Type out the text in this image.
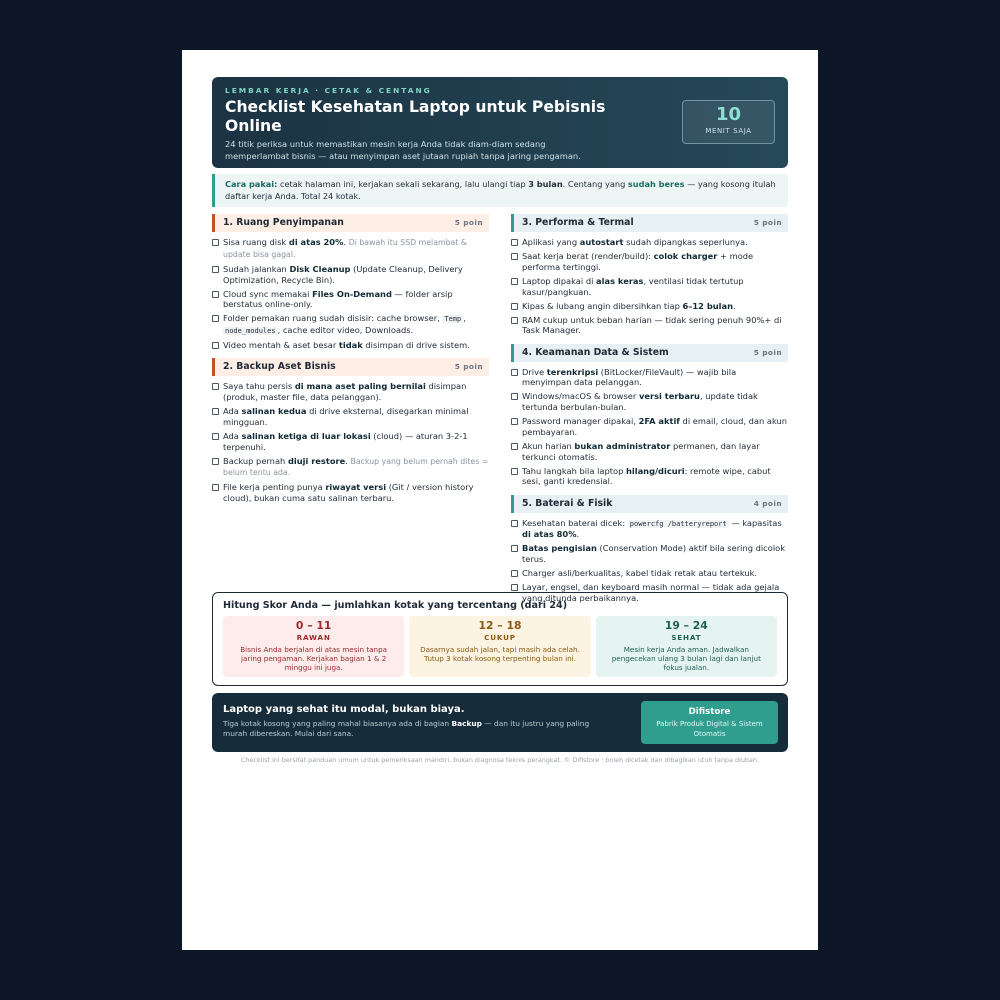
LEMBAR KERJA · CETAK & CENTANG
Checklist Kesehatan Laptop untuk Pebisnis Online
24 titik periksa untuk memastikan mesin kerja Anda tidak diam-diam sedang memperlambat bisnis — atau menyimpan aset jutaan rupiah tanpa jaring pengaman.
10
MENIT SAJA
Cara pakai: cetak halaman ini, kerjakan sekali sekarang, lalu ulangi tiap 3 bulan. Centang yang sudah beres — yang kosong itulah daftar kerja Anda. Total 24 kotak.
1. Ruang Penyimpanan	5 poin
Sisa ruang disk di atas 20%. Di bawah itu SSD melambat & update bisa gagal.
Sudah jalankan Disk Cleanup (Update Cleanup, Delivery Optimization, Recycle Bin).
Cloud sync memakai Files On-Demand — folder arsip berstatus online-only.
Folder pemakan ruang sudah disisir: cache browser, Temp , node_modules , cache editor video, Downloads.
Video mentah & aset besar tidak disimpan di drive sistem.
2. Backup Aset Bisnis	5 poin
Saya tahu persis di mana aset paling bernilai disimpan (produk, master file, data pelanggan).
Ada salinan kedua di drive eksternal, disegarkan minimal mingguan.
Ada salinan ketiga di luar lokasi (cloud) — aturan 3-2-1 terpenuhi.
Backup pernah diuji restore. Backup yang belum pernah dites = belum tentu ada.
File kerja penting punya riwayat versi (Git / version history cloud), bukan cuma satu salinan terbaru.
3. Performa & Termal	5 poin
Aplikasi yang autostart sudah dipangkas seperlunya.
Saat kerja berat (render/build): colok charger + mode performa tertinggi.
Laptop dipakai di alas keras, ventilasi tidak tertutup kasur/pangkuan.
Kipas & lubang angin dibersihkan tiap 6–12 bulan.
RAM cukup untuk beban harian — tidak sering penuh 90%+ di Task Manager.
4. Keamanan Data & Sistem	5 poin
Drive terenkripsi (BitLocker/FileVault) — wajib bila menyimpan data pelanggan.
Windows/macOS & browser versi terbaru, update tidak tertunda berbulan-bulan.
Password manager dipakai, 2FA aktif di email, cloud, dan akun pembayaran.
Akun harian bukan administrator permanen, dan layar terkunci otomatis.
Tahu langkah bila laptop hilang/dicuri: remote wipe, cabut sesi, ganti kredensial.
5. Baterai & Fisik	4 poin
Kesehatan baterai dicek: powercfg /batteryreport — kapasitas di atas 80%.
Batas pengisian (Conservation Mode) aktif bila sering dicolok terus.
Charger asli/berkualitas, kabel tidak retak atau tertekuk.
Layar, engsel, dan keyboard masih normal — tidak ada gejala yang ditunda perbaikannya.
Hitung Skor Anda — jumlahkan kotak yang tercentang (dari 24)
0 – 11
RAWAN
Bisnis Anda berjalan di atas mesin tanpa jaring pengaman. Kerjakan bagian 1 & 2 minggu ini juga.
12 – 18
CUKUP
Dasarnya sudah jalan, tapi masih ada celah. Tutup 3 kotak kosong terpenting bulan ini.
19 – 24
SEHAT
Mesin kerja Anda aman. Jadwalkan pengecekan ulang 3 bulan lagi dan lanjut fokus jualan.
Laptop yang sehat itu modal, bukan biaya.
Tiga kotak kosong yang paling mahal biasanya ada di bagian Backup — dan itu justru yang paling murah dibereskan. Mulai dari sana.
Difistore
Pabrik Produk Digital & Sistem Otomatis
Checklist ini bersifat panduan umum untuk pemeriksaan mandiri, bukan diagnosa teknis perangkat. © Difistore · boleh dicetak dan dibagikan utuh tanpa diubah.
